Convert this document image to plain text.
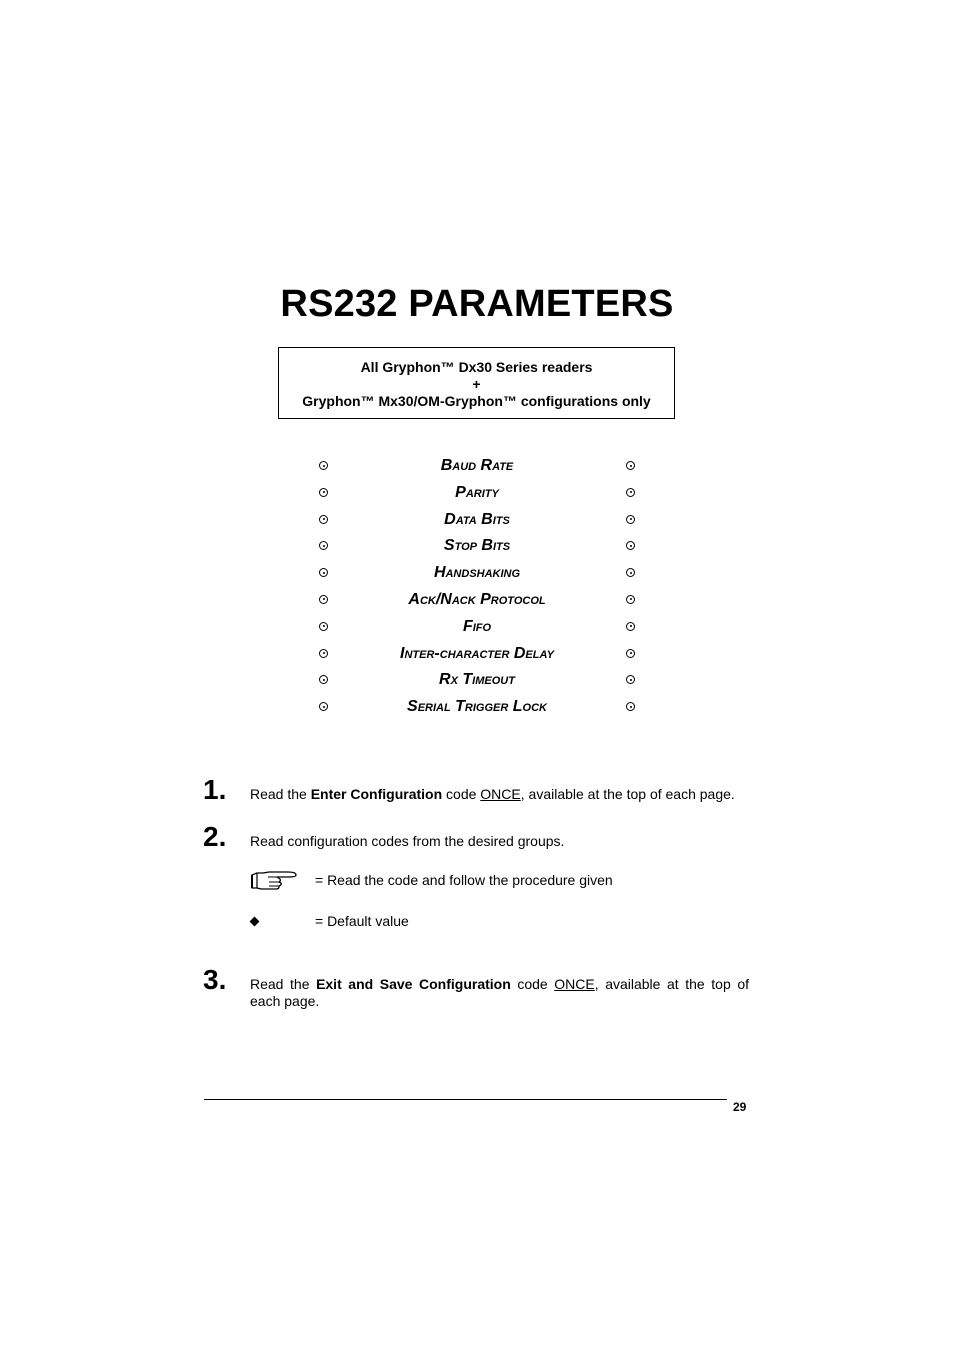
RS232 PARAMETERS
All Gryphon™ Dx30 Series readers
+
Gryphon™ Mx30/OM-Gryphon™ configurations only
Baud Rate
Parity
Data Bits
Stop Bits
Handshaking
Ack/Nack Protocol
Fifo
Inter-character Delay
Rx Timeout
Serial Trigger Lock
1. Read the Enter Configuration code ONCE, available at the top of each page.
2. Read configuration codes from the desired groups.
= Read the code and follow the procedure given
= Default value
3. Read the Exit and Save Configuration code ONCE, available at the top of each page.
29
